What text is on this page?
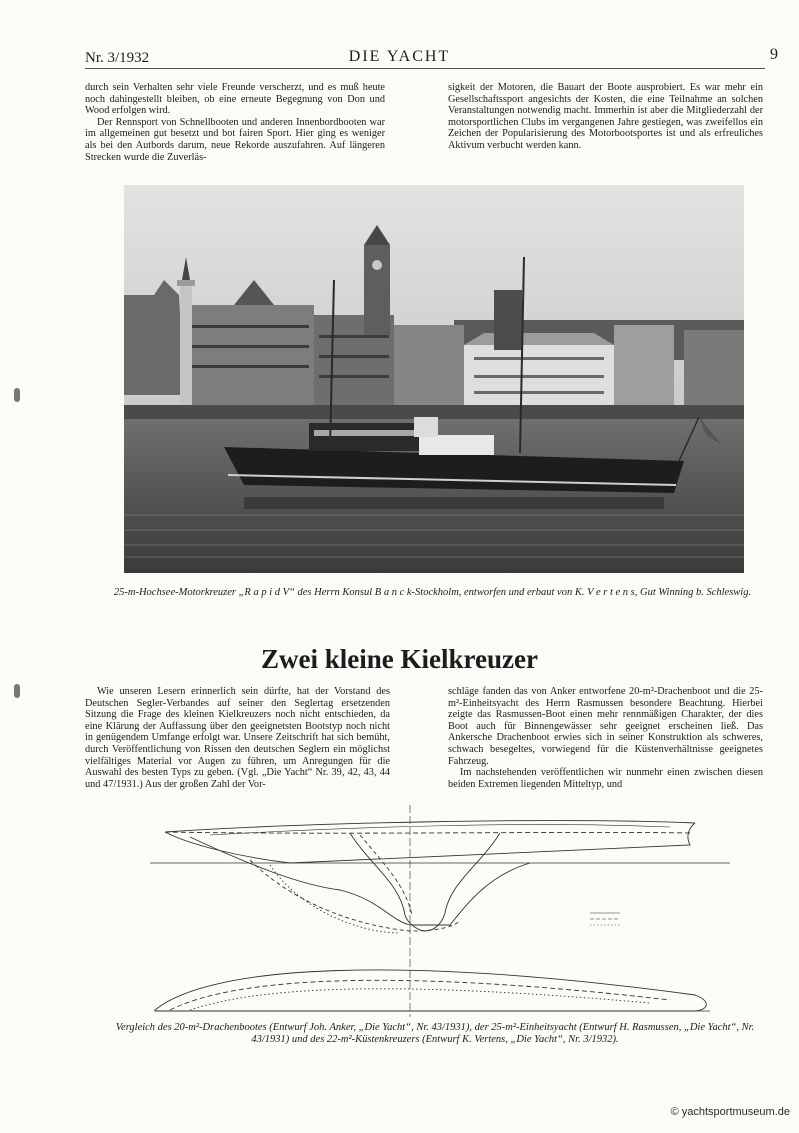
Nr. 3/1932	DIE YACHT	9

durch sein Verhalten sehr viele Freunde verscherzt, und es muß heute noch dahingestellt bleiben, ob eine erneute Begegnung von Don und Wood erfolgen wird.

Der Rennsport von Schnellbooten und anderen Innenbordbooten war im allgemeinen gut besetzt und bot fairen Sport. Hier ging es weniger als bei den Autbords darum, neue Rekorde auszufahren. Auf längeren Strecken wurde die Zuverläs-

sigkeit der Motoren, die Bauart der Boote ausprobiert. Es war mehr ein Gesellschaftssport angesichts der Kosten, die eine Teilnahme an solchen Veranstaltungen notwendig macht. Immerhin ist aber die Mitgliederzahl der motorsportlichen Clubs im vergangenen Jahre gestiegen, was zweifellos ein Zeichen der Popularisierung des Motorbootsportes ist und als erfreuliches Aktivum verbucht werden kann.

25-m-Hochsee-Motorkreuzer „R a p i d V“ des Herrn Konsul B a n c k-Stockholm, entworfen und erbaut von K. V e r t e n s, Gut Winning b. Schleswig.
Zwei kleine Kielkreuzer

Wie unseren Lesern erinnerlich sein dürfte, hat der Vorstand des Deutschen Segler-Verbandes auf seiner den Seglertag ersetzenden Sitzung die Frage des kleinen Kielkreuzers noch nicht entschieden, da eine Klärung der Auffassung über den geeignetsten Bootstyp noch nicht in genügendem Umfange erfolgt war. Unsere Zeitschrift hat sich bemüht, durch Veröffentlichung von Rissen den deutschen Seglern ein möglichst vielfältiges Material vor Augen zu führen, um Anregungen für die Auswahl des besten Typs zu geben. (Vgl. „Die Yacht“ Nr. 39, 42, 43, 44 und 47/1931.) Aus der großen Zahl der Vor-

schläge fanden das von Anker entworfene 20-m²-Drachenboot und die 25-m²-Einheitsyacht des Herrn Rasmussen besondere Beachtung. Hierbei zeigte das Rasmussen-Boot einen mehr rennmäßigen Charakter, der dies Boot auch für Binnengewässer sehr geeignet erscheinen ließ. Das Ankersche Drachenboot erwies sich in seiner Konstruktion als schweres, schwach besegeltes, vorwiegend für die Küstenverhältnisse geeignetes Fahrzeug.

Im nachstehenden veröffentlichen wir nunmehr einen zwischen diesen beiden Extremen liegenden Mitteltyp, und

Vergleich des 20-m²-Drachenbootes (Entwurf Joh. Anker, „Die Yacht“, Nr. 43/1931), der 25-m²-Einheitsyacht (Entwurf H. Rasmussen, „Die Yacht“, Nr. 43/1931) und des 22-m²-Küstenkreuzers (Entwurf K. Vertens, „Die Yacht“, Nr. 3/1932).
© yachtsportmuseum.de
